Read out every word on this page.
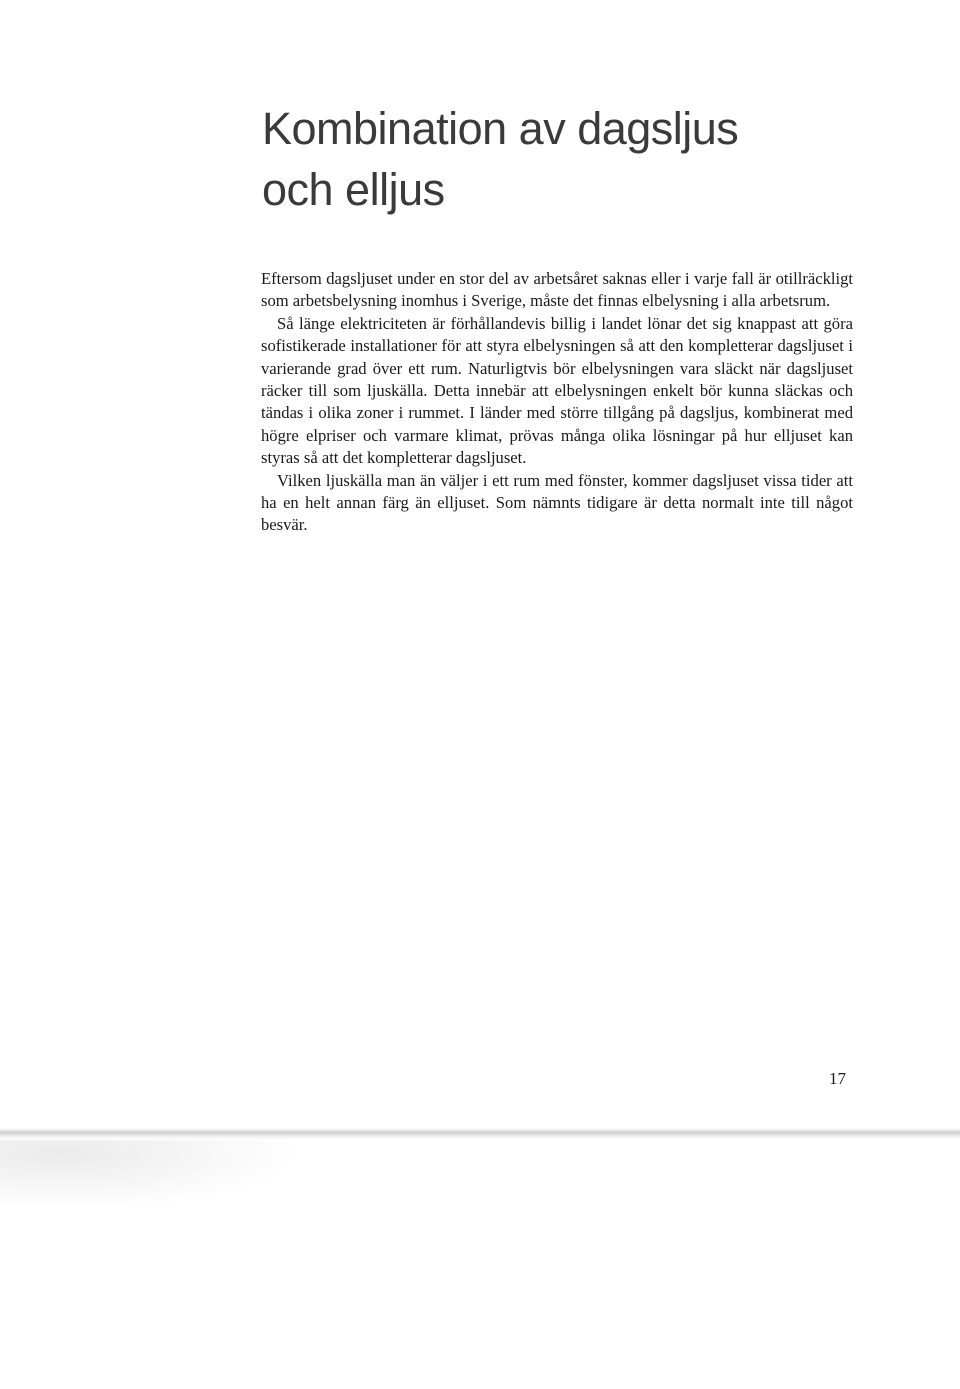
Kombination av dagsljus
och elljus

Eftersom dagsljuset under en stor del av arbetsåret saknas eller i varje fall är otillräckligt som arbetsbelysning inomhus i Sverige, måste det finnas elbelysning i alla arbetsrum.

Så länge elektriciteten är förhållandevis billig i landet lönar det sig knappast att göra sofistikerade installationer för att styra elbelysningen så att den kompletterar dagsljuset i varierande grad över ett rum. Naturligtvis bör elbelysningen vara släckt när dagsljuset räcker till som ljuskälla. Detta innebär att elbelysningen enkelt bör kunna släckas och tändas i olika zoner i rummet. I länder med större tillgång på dagsljus, kombinerat med högre elpriser och varmare klimat, prövas många olika lösningar på hur elljuset kan styras så att det kompletterar dagsljuset.

Vilken ljuskälla man än väljer i ett rum med fönster, kommer dagsljuset vissa tider att ha en helt annan färg än elljuset. Som nämnts tidigare är detta normalt inte till något besvär.

17
